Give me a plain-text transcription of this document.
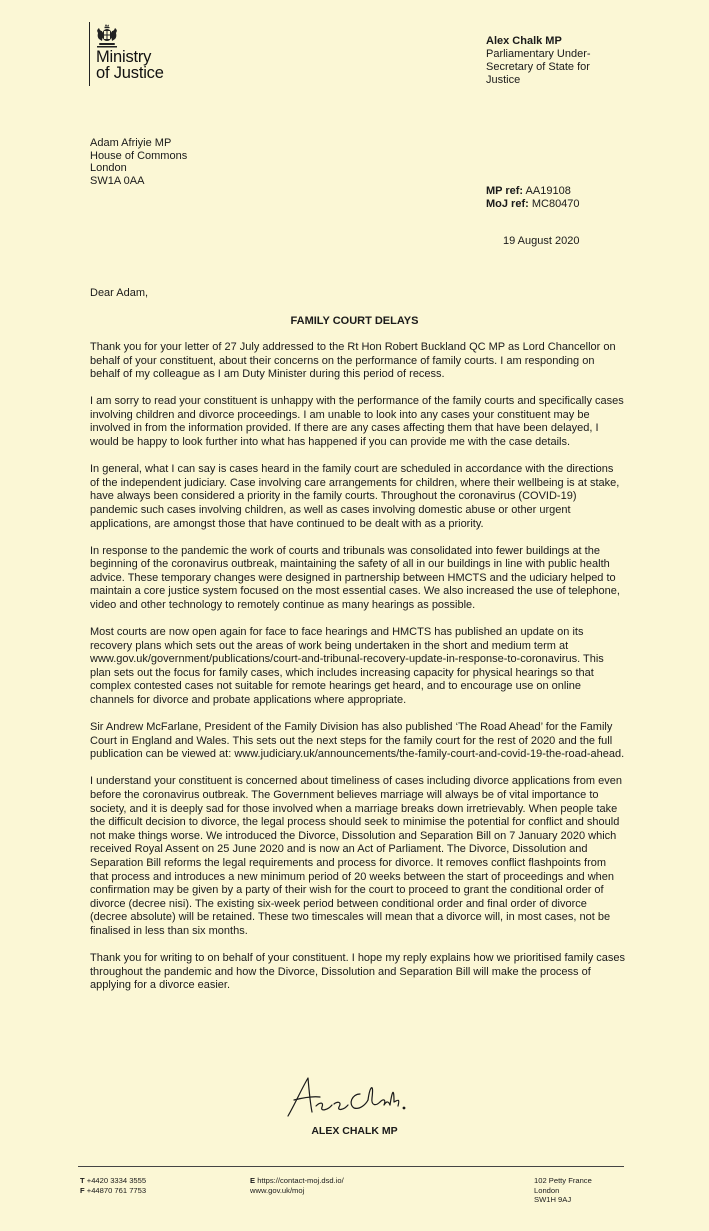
Ministry
of Justice
Alex Chalk MP
Parliamentary Under-
Secretary of State for
Justice
Adam Afriyie MP
House of Commons
London
SW1A 0AA
MP ref: AA19108
MoJ ref: MC80470
19 August 2020
Dear Adam,
FAMILY COURT DELAYS

Thank you for your letter of 27 July addressed to the Rt Hon Robert Buckland QC MP as Lord Chancellor on behalf of your constituent, about their concerns on the performance of family courts. I am responding on behalf of my colleague as I am Duty Minister during this period of recess.

I am sorry to read your constituent is unhappy with the performance of the family courts and specifically cases involving children and divorce proceedings. I am unable to look into any cases your constituent may be involved in from the information provided. If there are any cases affecting them that have been delayed, I would be happy to look further into what has happened if you can provide me with the case details.

In general, what I can say is cases heard in the family court are scheduled in accordance with the directions of the independent judiciary. Case involving care arrangements for children, where their wellbeing is at stake, have always been considered a priority in the family courts. Throughout the coronavirus (COVID-19) pandemic such cases involving children, as well as cases involving domestic abuse or other urgent applications, are amongst those that have continued to be dealt with as a priority.

In response to the pandemic the work of courts and tribunals was consolidated into fewer buildings at the beginning of the coronavirus outbreak, maintaining the safety of all in our buildings in line with public health advice. These temporary changes were designed in partnership between HMCTS and the udiciary helped to maintain a core justice system focused on the most essential cases. We also increased the use of telephone, video and other technology to remotely continue as many hearings as possible.

Most courts are now open again for face to face hearings and HMCTS has published an update on its recovery plans which sets out the areas of work being undertaken in the short and medium term at www.gov.uk/government/publications/court-and-tribunal-recovery-update-in-response-to-coronavirus. This plan sets out the focus for family cases, which includes increasing capacity for physical hearings so that complex contested cases not suitable for remote hearings get heard, and to encourage use on online channels for divorce and probate applications where appropriate.

Sir Andrew McFarlane, President of the Family Division has also published ‘The Road Ahead’ for the Family Court in England and Wales. This sets out the next steps for the family court for the rest of 2020 and the full publication can be viewed at: www.judiciary.uk/announcements/the-family-court-and-covid-19-the-road-ahead.

I understand your constituent is concerned about timeliness of cases including divorce applications from even before the coronavirus outbreak. The Government believes marriage will always be of vital importance to society, and it is deeply sad for those involved when a marriage breaks down irretrievably. When people take the difficult decision to divorce, the legal process should seek to minimise the potential for conflict and should not make things worse. We introduced the Divorce, Dissolution and Separation Bill on 7 January 2020 which received Royal Assent on 25 June 2020 and is now an Act of Parliament. The Divorce, Dissolution and Separation Bill reforms the legal requirements and process for divorce. It removes conflict flashpoints from that process and introduces a new minimum period of 20 weeks between the start of proceedings and when confirmation may be given by a party of their wish for the court to proceed to grant the conditional order of divorce (decree nisi). The existing six-week period between conditional order and final order of divorce (decree absolute) will be retained. These two timescales will mean that a divorce will, in most cases, not be finalised in less than six months.

Thank you for writing to on behalf of your constituent. I hope my reply explains how we prioritised family cases throughout the pandemic and how the Divorce, Dissolution and Separation Bill will make the process of applying for a divorce easier.

ALEX CHALK MP
T +4420 3334 3555
F +44870 761 7753
E https://contact-moj.dsd.io/
www.gov.uk/moj
102 Petty France
London
SW1H 9AJ
